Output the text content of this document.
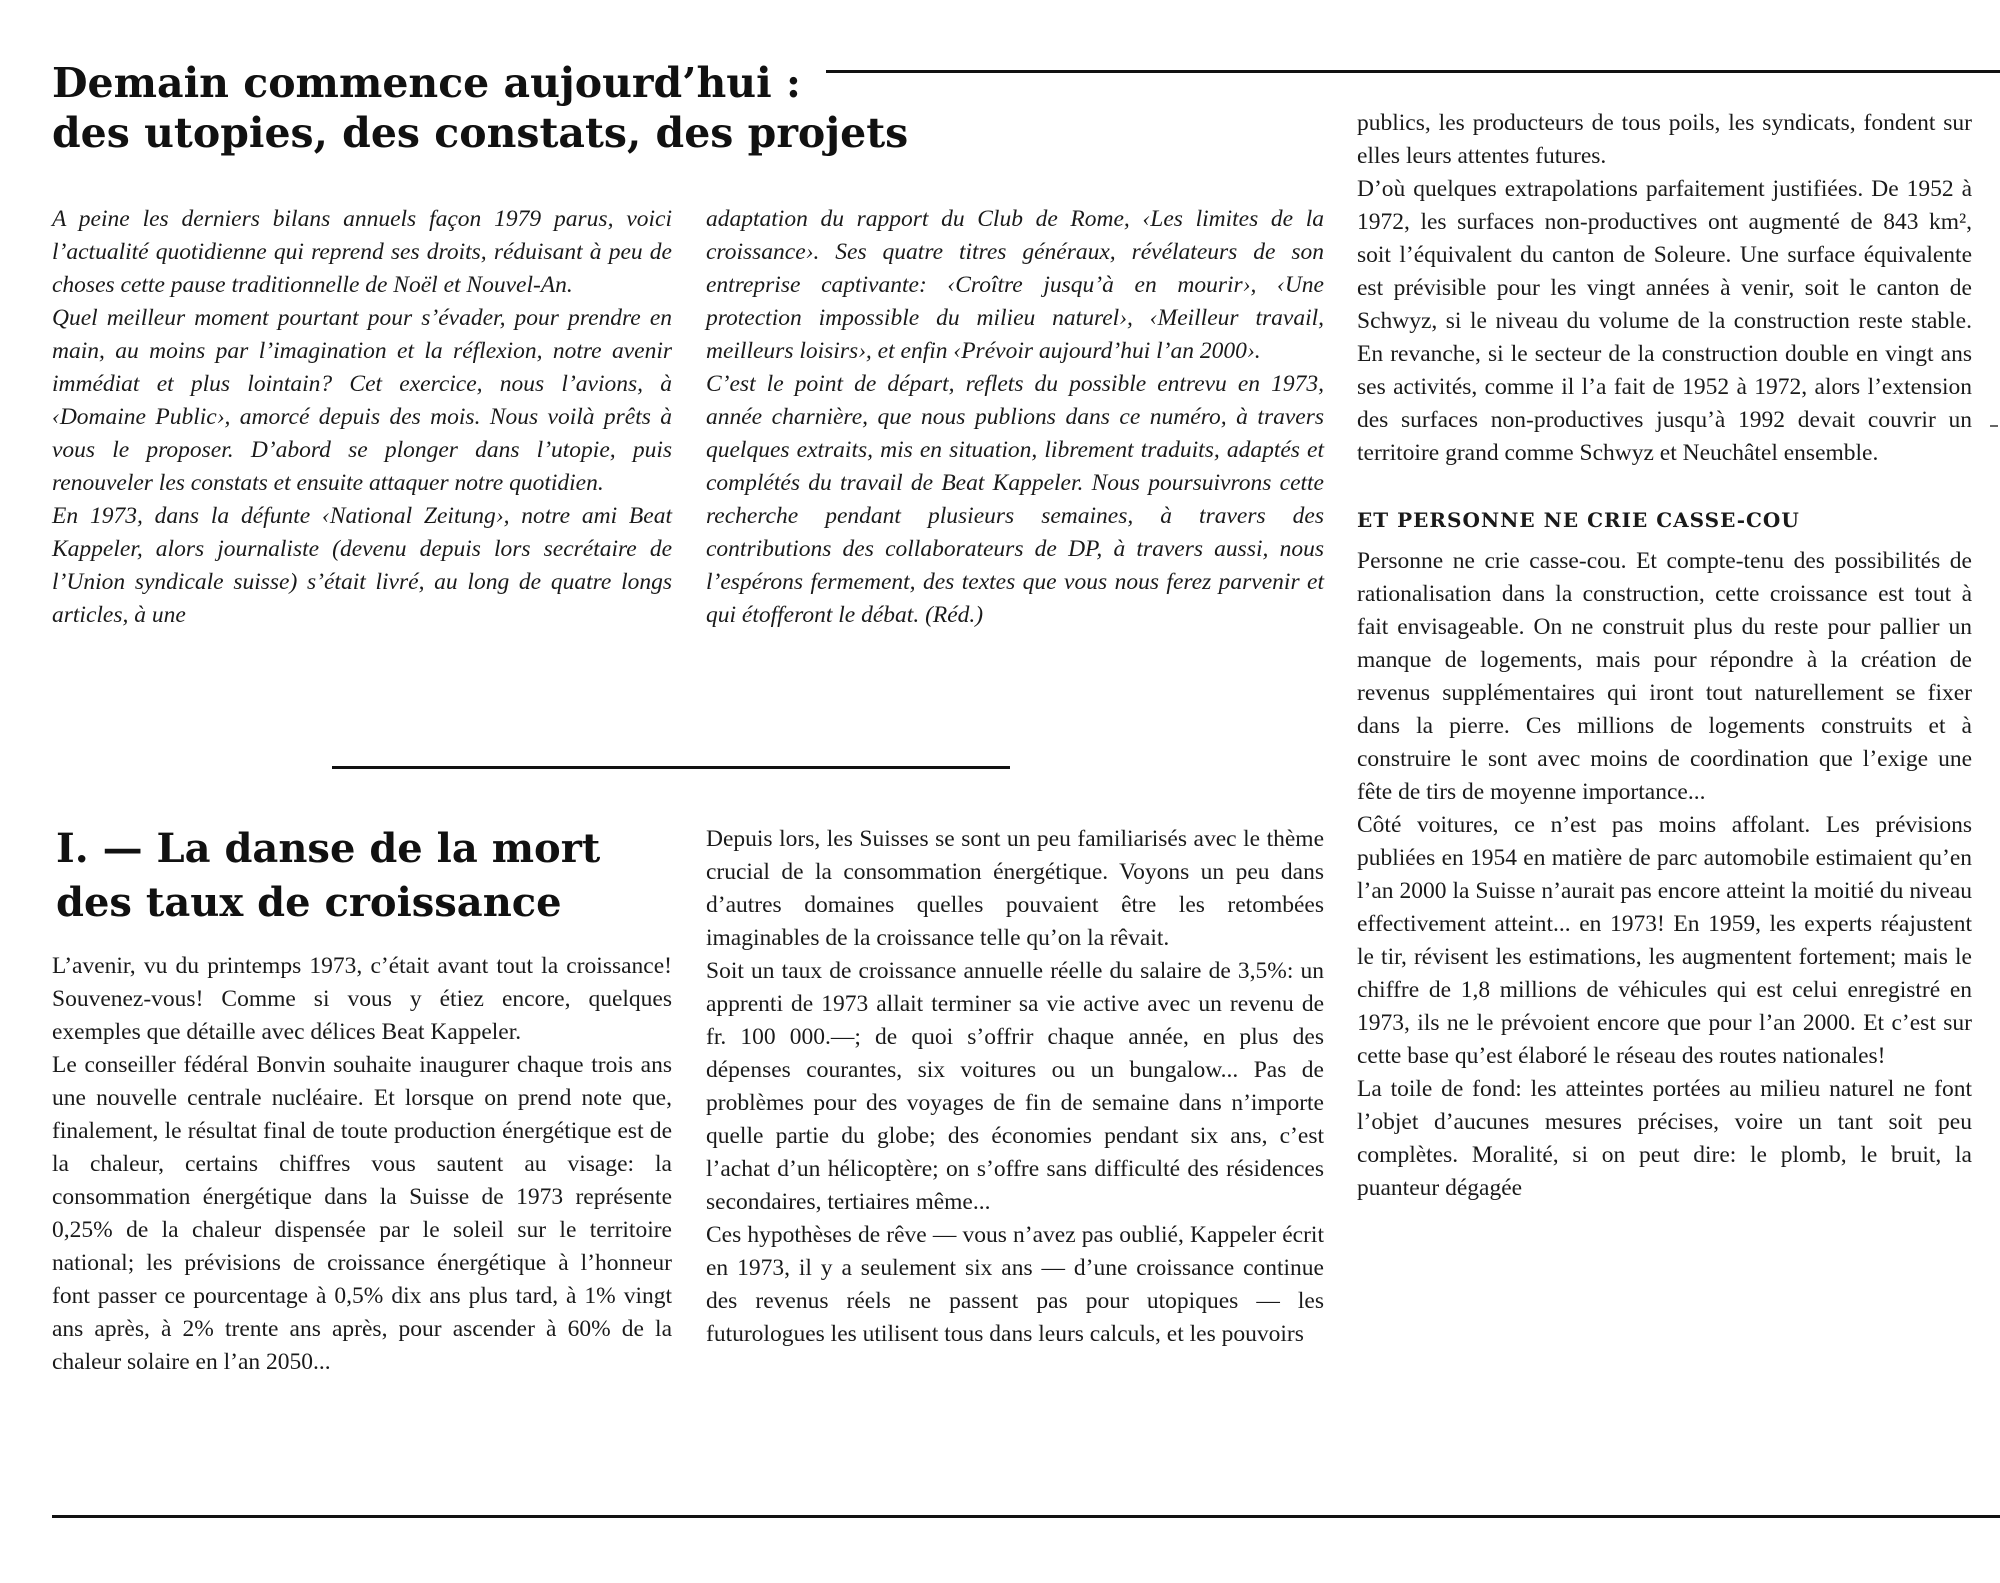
Demain commence aujourd’hui :
des utopies, des constats, des projets

A peine les derniers bilans annuels façon 1979 parus, voici l’actualité quotidienne qui reprend ses droits, réduisant à peu de choses cette pause traditionnelle de Noël et Nouvel-An.

Quel meilleur moment pourtant pour s’évader, pour prendre en main, au moins par l’imagination et la réflexion, notre avenir immédiat et plus lointain? Cet exercice, nous l’avions, à ‹Domaine Public›, amorcé depuis des mois. Nous voilà prêts à vous le proposer. D’abord se plonger dans l’utopie, puis renouveler les constats et ensuite attaquer notre quotidien.

En 1973, dans la défunte ‹National Zeitung›, notre ami Beat Kappeler, alors journaliste (devenu depuis lors secrétaire de l’Union syndicale suisse) s’était livré, au long de quatre longs articles, à une

adaptation du rapport du Club de Rome, ‹Les limites de la croissance›. Ses quatre titres généraux, révélateurs de son entreprise captivante: ‹Croître jusqu’à en mourir›, ‹Une protection impossible du milieu naturel›, ‹Meilleur travail, meilleurs loisirs›, et enfin ‹Prévoir aujourd’hui l’an 2000›.

C’est le point de départ, reflets du possible entrevu en 1973, année charnière, que nous publions dans ce numéro, à travers quelques extraits, mis en situation, librement traduits, adaptés et complétés du travail de Beat Kappeler. Nous poursuivrons cette recherche pendant plusieurs semaines, à travers des contributions des collaborateurs de DP, à travers aussi, nous l’espérons fermement, des textes que vous nous ferez parvenir et qui étofferont le débat. (Réd.)

I. — La danse de la mort
des taux de croissance

L’avenir, vu du printemps 1973, c’était avant tout la croissance! Souvenez-vous! Comme si vous y étiez encore, quelques exemples que détaille avec délices Beat Kappeler.

Le conseiller fédéral Bonvin souhaite inaugurer chaque trois ans une nouvelle centrale nucléaire. Et lorsque on prend note que, finalement, le résultat final de toute production énergétique est de la chaleur, certains chiffres vous sautent au visage: la consommation énergétique dans la Suisse de 1973 représente 0,25% de la chaleur dispensée par le soleil sur le territoire national; les prévisions de croissance énergétique à l’honneur font passer ce pourcentage à 0,5% dix ans plus tard, à 1% vingt ans après, à 2% trente ans après, pour ascender à 60% de la chaleur solaire en l’an 2050...

Depuis lors, les Suisses se sont un peu familiarisés avec le thème crucial de la consommation énergétique. Voyons un peu dans d’autres domaines quelles pouvaient être les retombées imaginables de la croissance telle qu’on la rêvait.

Soit un taux de croissance annuelle réelle du salaire de 3,5%: un apprenti de 1973 allait terminer sa vie active avec un revenu de fr. 100 000.—; de quoi s’offrir chaque année, en plus des dépenses courantes, six voitures ou un bungalow... Pas de problèmes pour des voyages de fin de semaine dans n’importe quelle partie du globe; des économies pendant six ans, c’est l’achat d’un hélicoptère; on s’offre sans difficulté des résidences secondaires, tertiaires même...

Ces hypothèses de rêve — vous n’avez pas oublié, Kappeler écrit en 1973, il y a seulement six ans — d’une croissance continue des revenus réels ne passent pas pour utopiques — les futurologues les utilisent tous dans leurs calculs, et les pouvoirs

publics, les producteurs de tous poils, les syndicats, fondent sur elles leurs attentes futures.

D’où quelques extrapolations parfaitement justifiées. De 1952 à 1972, les surfaces non-productives ont augmenté de 843 km², soit l’équivalent du canton de Soleure. Une surface équivalente est prévisible pour les vingt années à venir, soit le canton de Schwyz, si le niveau du volume de la construction reste stable. En revanche, si le secteur de la construction double en vingt ans ses activités, comme il l’a fait de 1952 à 1972, alors l’extension des surfaces non-productives jusqu’à 1992 devait couvrir un territoire grand comme Schwyz et Neuchâtel ensemble.

ET PERSONNE NE CRIE CASSE-COU

Personne ne crie casse-cou. Et compte-tenu des possibilités de rationalisation dans la construction, cette croissance est tout à fait envisageable. On ne construit plus du reste pour pallier un manque de logements, mais pour répondre à la création de revenus supplémentaires qui iront tout naturellement se fixer dans la pierre. Ces millions de logements construits et à construire le sont avec moins de coordination que l’exige une fête de tirs de moyenne importance...

Côté voitures, ce n’est pas moins affolant. Les prévisions publiées en 1954 en matière de parc automobile estimaient qu’en l’an 2000 la Suisse n’aurait pas encore atteint la moitié du niveau effectivement atteint... en 1973! En 1959, les experts réajustent le tir, révisent les estimations, les augmentent fortement; mais le chiffre de 1,8 millions de véhicules qui est celui enregistré en 1973, ils ne le prévoient encore que pour l’an 2000. Et c’est sur cette base qu’est élaboré le réseau des routes nationales!

La toile de fond: les atteintes portées au milieu naturel ne font l’objet d’aucunes mesures précises, voire un tant soit peu complètes. Moralité, si on peut dire: le plomb, le bruit, la puanteur dégagée
